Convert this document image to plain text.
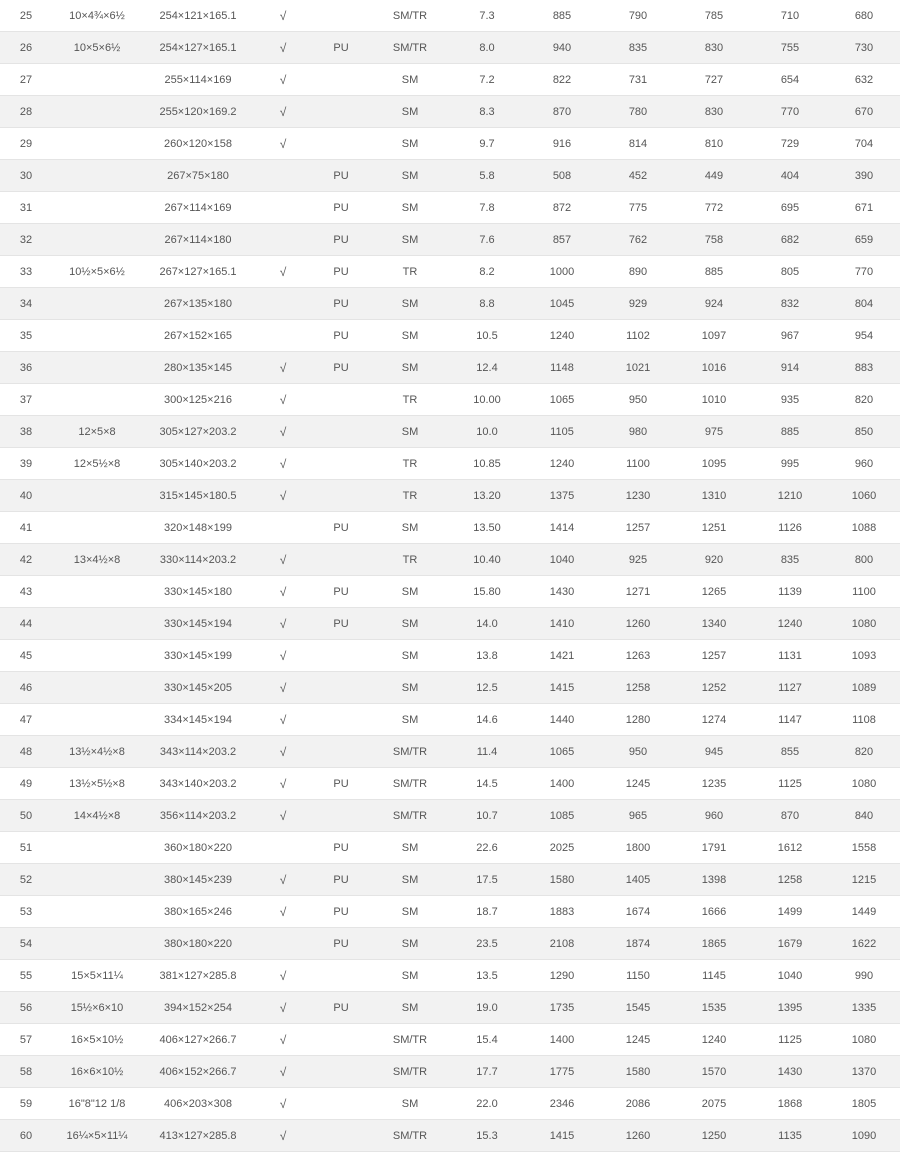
25	10×4¾×6½	254×121×165.1	√		SM/TR	7.3	885	790	785	710	680
26	10×5×6½	254×127×165.1	√	PU	SM/TR	8.0	940	835	830	755	730
27		255×114×169	√		SM	7.2	822	731	727	654	632
28		255×120×169.2	√		SM	8.3	870	780	830	770	670
29		260×120×158	√		SM	9.7	916	814	810	729	704
30		267×75×180		PU	SM	5.8	508	452	449	404	390
31		267×114×169		PU	SM	7.8	872	775	772	695	671
32		267×114×180		PU	SM	7.6	857	762	758	682	659
33	10½×5×6½	267×127×165.1	√	PU	TR	8.2	1000	890	885	805	770
34		267×135×180		PU	SM	8.8	1045	929	924	832	804
35		267×152×165		PU	SM	10.5	1240	1102	1097	967	954
36		280×135×145	√	PU	SM	12.4	1148	1021	1016	914	883
37		300×125×216	√		TR	10.00	1065	950	1010	935	820
38	12×5×8	305×127×203.2	√		SM	10.0	1105	980	975	885	850
39	12×5½×8	305×140×203.2	√		TR	10.85	1240	1100	1095	995	960
40		315×145×180.5	√		TR	13.20	1375	1230	1310	1210	1060
41		320×148×199		PU	SM	13.50	1414	1257	1251	1126	1088
42	13×4½×8	330×114×203.2	√		TR	10.40	1040	925	920	835	800
43		330×145×180	√	PU	SM	15.80	1430	1271	1265	1139	1100
44		330×145×194	√	PU	SM	14.0	1410	1260	1340	1240	1080
45		330×145×199	√		SM	13.8	1421	1263	1257	1131	1093
46		330×145×205	√		SM	12.5	1415	1258	1252	1127	1089
47		334×145×194	√		SM	14.6	1440	1280	1274	1147	1108
48	13½×4½×8	343×114×203.2	√		SM/TR	11.4	1065	950	945	855	820
49	13½×5½×8	343×140×203.2	√	PU	SM/TR	14.5	1400	1245	1235	1125	1080
50	14×4½×8	356×114×203.2	√		SM/TR	10.7	1085	965	960	870	840
51		360×180×220		PU	SM	22.6	2025	1800	1791	1612	1558
52		380×145×239	√	PU	SM	17.5	1580	1405	1398	1258	1215
53		380×165×246	√	PU	SM	18.7	1883	1674	1666	1499	1449
54		380×180×220		PU	SM	23.5	2108	1874	1865	1679	1622
55	15×5×11¼	381×127×285.8	√		SM	13.5	1290	1150	1145	1040	990
56	15½×6×10	394×152×254	√	PU	SM	19.0	1735	1545	1535	1395	1335
57	16×5×10½	406×127×266.7	√		SM/TR	15.4	1400	1245	1240	1125	1080
58	16×6×10½	406×152×266.7	√		SM/TR	17.7	1775	1580	1570	1430	1370
59	16"8"12 1/8	406×203×308	√		SM	22.0	2346	2086	2075	1868	1805
60	16¼×5×11¼	413×127×285.8	√		SM/TR	15.3	1415	1260	1250	1135	1090
